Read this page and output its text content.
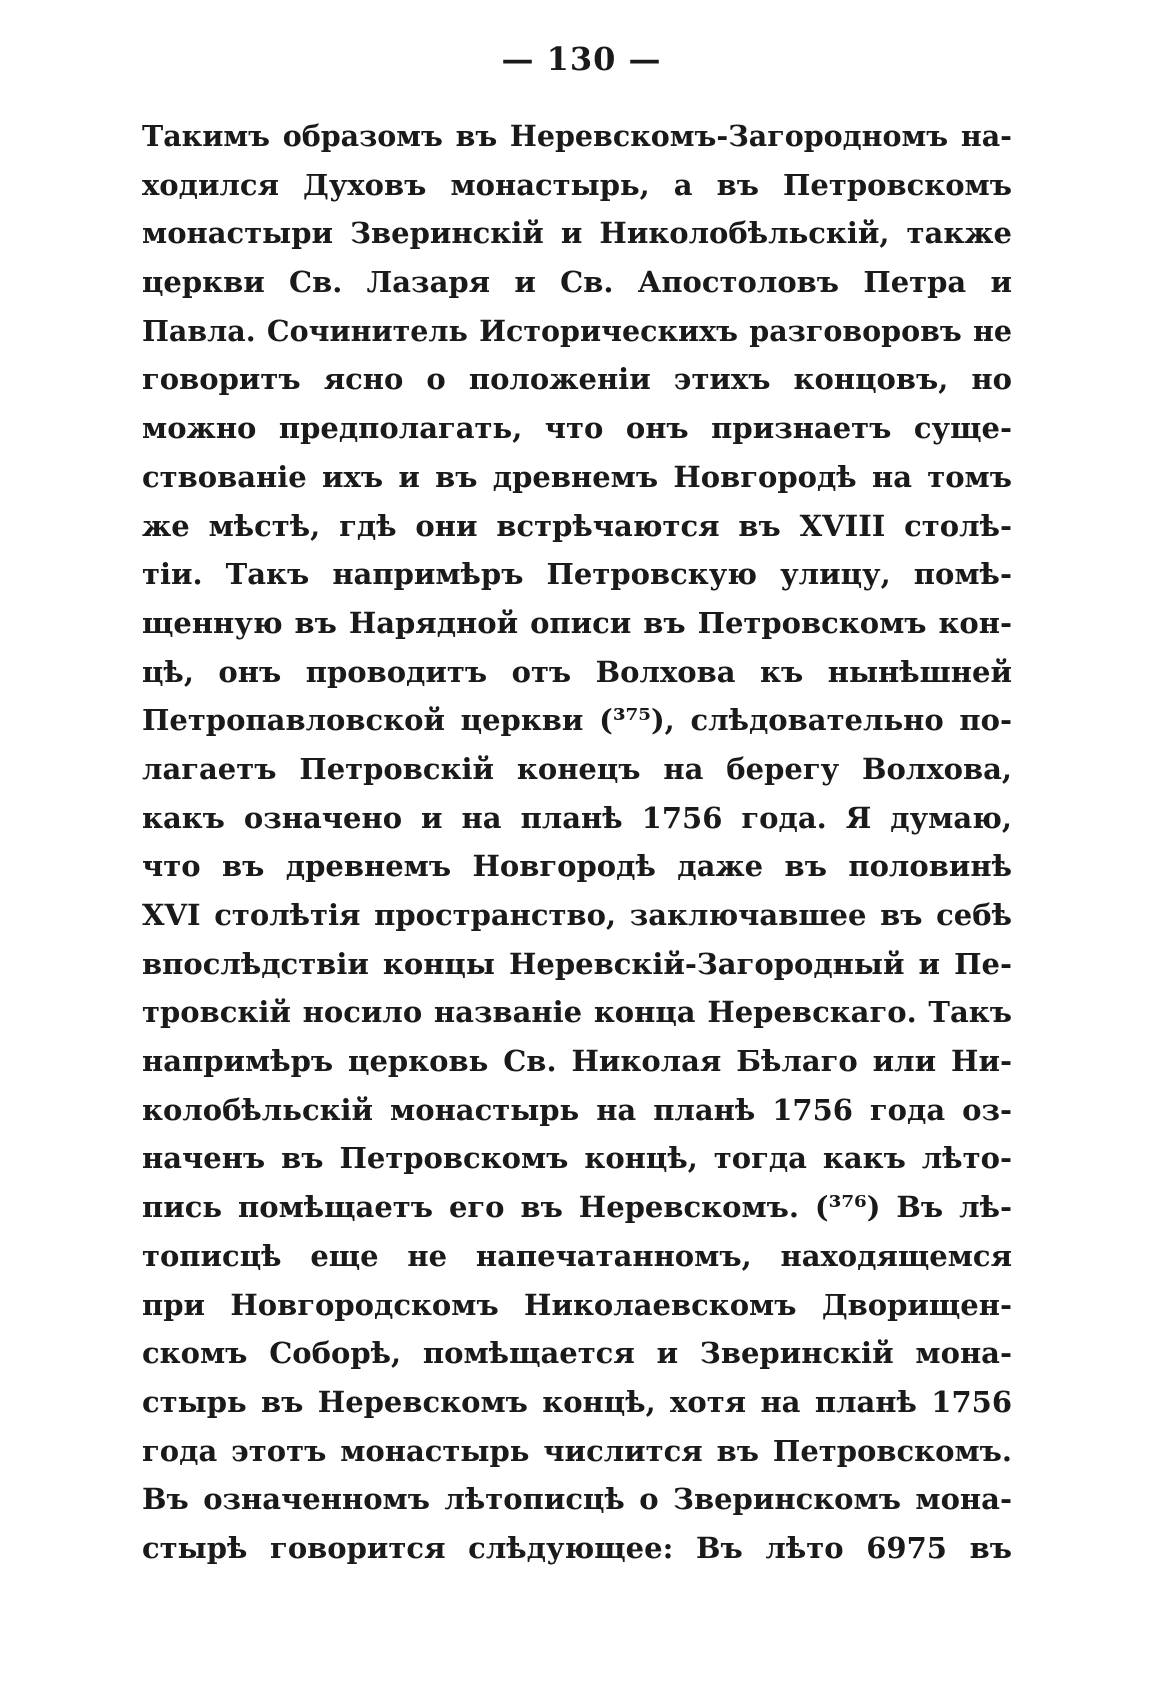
— 130 —
Такимъ образомъ въ Неревскомъ-Загородномъ на-
ходился Духовъ монастырь, а въ Петровскомъ
монастыри Зверинскій и Николобѣльскій, также
церкви Св. Лазаря и Св. Апостоловъ Петра и
Павла. Сочинитель Историческихъ разговоровъ не
говоритъ ясно о положеніи этихъ концовъ, но
можно предполагать, что онъ признаетъ суще-
ствованіе ихъ и въ древнемъ Новгородѣ на томъ
же мѣстѣ, гдѣ они встрѣчаются въ XVIII столѣ-
тіи. Такъ напримѣръ Петровскую улицу, помѣ-
щенную въ Нарядной описи въ Петровскомъ кон-
цѣ, онъ проводитъ отъ Волхова къ нынѣшней
Петропавловской церкви (³⁷⁵), слѣдовательно по-
лагаетъ Петровскій конецъ на берегу Волхова,
какъ означено и на планѣ 1756 года. Я думаю,
что въ древнемъ Новгородѣ даже въ половинѣ
XVI столѣтія пространство, заключавшее въ себѣ
впослѣдствіи концы Неревскій-Загородный и Пе-
тровскій носило названіе конца Неревскаго. Такъ
напримѣръ церковь Св. Николая Бѣлаго или Ни-
колобѣльскій монастырь на планѣ 1756 года оз-
наченъ въ Петровскомъ концѣ, тогда какъ лѣто-
пись помѣщаетъ его въ Неревскомъ. (³⁷⁶) Въ лѣ-
тописцѣ еще не напечатанномъ, находящемся
при Новгородскомъ Николаевскомъ Дворищен-
скомъ Соборѣ, помѣщается и Зверинскій мона-
стырь въ Неревскомъ концѣ, хотя на планѣ 1756
года этотъ монастырь числится въ Петровскомъ.
Въ означенномъ лѣтописцѣ о Зверинскомъ мона-
стырѣ говорится слѣдующее: Въ лѣто 6975 въ
